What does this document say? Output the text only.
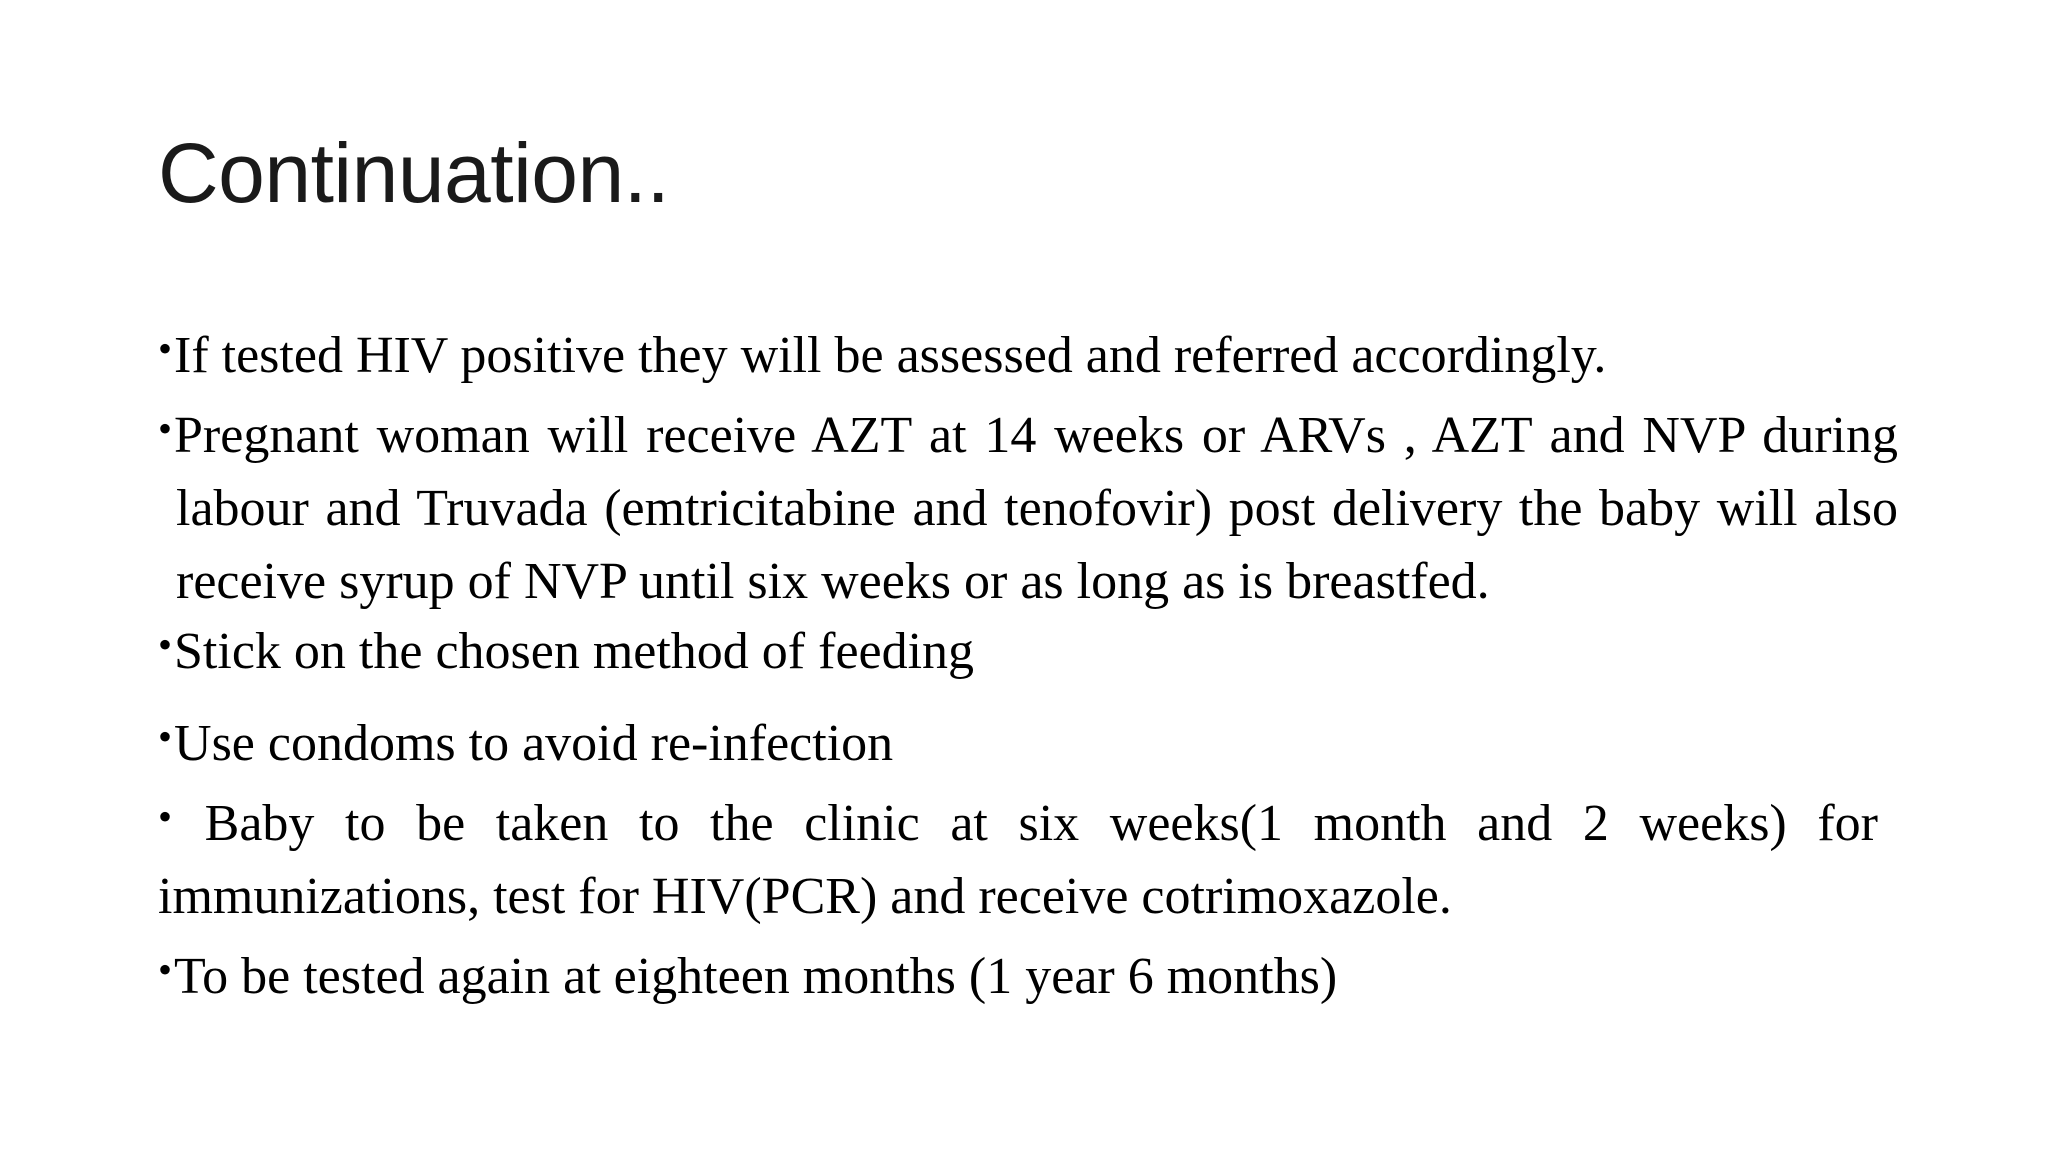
Continuation..

•If tested HIV positive they will be assessed and referred accordingly.

•Pregnant woman will receive AZT at 14 weeks or ARVs , AZT and NVP during labour and Truvada (emtricitabine and tenofovir) post delivery the baby will also receive syrup of NVP until six weeks or as long as is breastfed.

•Stick on the chosen method of feeding

•Use condoms to avoid re-infection

• Baby to be taken to the clinic at six weeks(1 month and 2 weeks) for immunizations, test for HIV(PCR) and receive cotrimoxazole.

•To be tested again at eighteen months (1 year 6 months)
